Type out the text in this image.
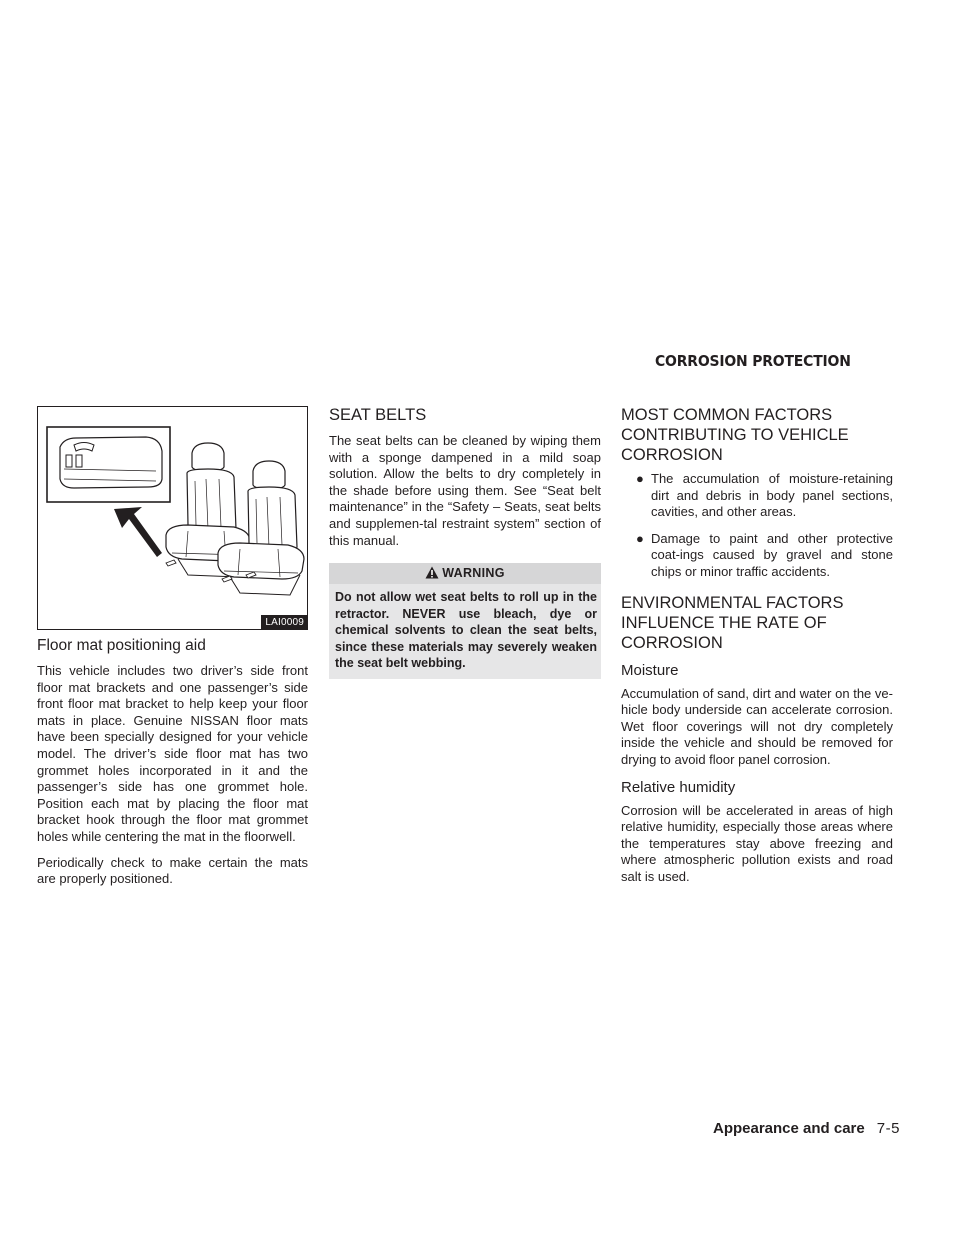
CORROSION PROTECTION
LAI0009
Floor mat positioning aid

This vehicle includes two driver’s side front floor mat brackets and one passenger’s side front floor mat bracket to help keep your floor mats in place. Genuine NISSAN floor mats have been specially designed for your vehicle model. The driver’s side floor mat has two grommet holes incorporated in it and the passenger’s side has one grommet hole. Position each mat by placing the floor mat bracket hook through the floor mat grommet holes while centering the mat in the floorwell.

Periodically check to make certain the mats are properly positioned.

SEAT BELTS

The seat belts can be cleaned by wiping them with a sponge dampened in a mild soap solution. Allow the belts to dry completely in the shade before using them. See “Seat belt maintenance” in the “Safety – Seats, seat belts and supplemen-tal restraint system” section of this manual.

WARNING

Do not allow wet seat belts to roll up in the retractor. NEVER use bleach, dye or chemical solvents to clean the seat belts, since these materials may severely weaken the seat belt webbing.

MOST COMMON FACTORS CONTRIBUTING TO VEHICLE CORROSION
● The accumulation of moisture-retaining dirt and debris in body panel sections, cavities, and other areas.
● Damage to paint and other protective coat-ings caused by gravel and stone chips or minor traffic accidents.
ENVIRONMENTAL FACTORS INFLUENCE THE RATE OF CORROSION
Moisture

Accumulation of sand, dirt and water on the ve-hicle body underside can accelerate corrosion. Wet floor coverings will not dry completely inside the vehicle and should be removed for drying to avoid floor panel corrosion.

Relative humidity

Corrosion will be accelerated in areas of high relative humidity, especially those areas where the temperatures stay above freezing and where atmospheric pollution exists and road salt is used.

Appearance and care 7-5
